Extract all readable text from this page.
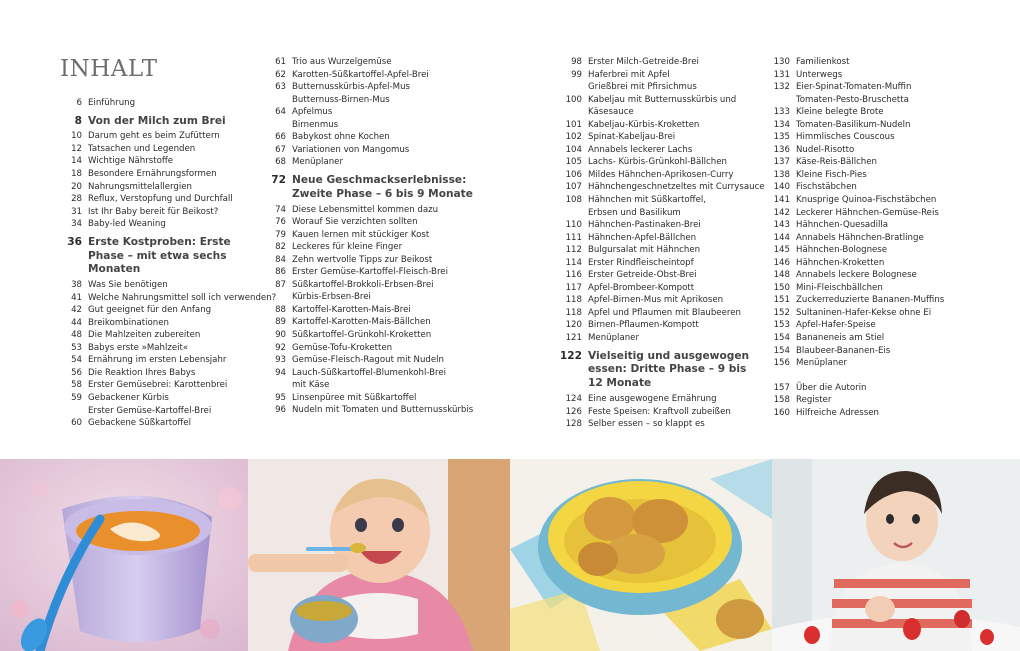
INHALT
6 Einführung
8 Von der Milch zum Brei
10 Darum geht es beim Zufüttern
12 Tatsachen und Legenden
14 Wichtige Nährstoffe
18 Besondere Ernährungsformen
20 Nahrungsmittelallergien
28 Reflux, Verstopfung und Durchfall
31 Ist Ihr Baby bereit für Beikost?
34 Baby-led Weaning
36 Erste Kostproben: Erste Phase – mit etwa sechs Monaten
38 Was Sie benötigen
41 Welche Nahrungsmittel soll ich verwenden?
42 Gut geeignet für den Anfang
44 Breikombinationen
48 Die Mahlzeiten zubereiten
53 Babys erste »Mahlzeit«
54 Ernährung im ersten Lebensjahr
56 Die Reaktion Ihres Babys
58 Erster Gemüsebrei: Karottenbrei
59 Gebackener Kürbis
Erster Gemüse-Kartoffel-Brei
60 Gebackene Süßkartoffel
61 Trio aus Wurzelgemüse
62 Karotten-Süßkartoffel-Apfel-Brei
63 Butternusskürbis-Apfel-Mus
Butternuss-Birnen-Mus
64 Apfelmus
Birnenmus
66 Babykost ohne Kochen
67 Variationen von Mangomus
68 Menüplaner
72 Neue Geschmackserlebnisse: Zweite Phase – 6 bis 9 Monate
74 Diese Lebensmittel kommen dazu
76 Worauf Sie verzichten sollten
79 Kauen lernen mit stückiger Kost
82 Leckeres für kleine Finger
84 Zehn wertvolle Tipps zur Beikost
86 Erster Gemüse-Kartoffel-Fleisch-Brei
87 Süßkartoffel-Brokkoli-Erbsen-Brei
Kürbis-Erbsen-Brei
88 Kartoffel-Karotten-Mais-Brei
89 Kartoffel-Karotten-Mais-Bällchen
90 Süßkartoffel-Grünkohl-Kroketten
92 Gemüse-Tofu-Kroketten
93 Gemüse-Fleisch-Ragout mit Nudeln
94 Lauch-Süßkartoffel-Blumenkohl-Brei
mit Käse
95 Linsenpüree mit Süßkartoffel
96 Nudeln mit Tomaten und Butternusskürbis
98 Erster Milch-Getreide-Brei
99 Haferbrei mit Apfel
Grießbrei mit Pfirsichmus
100 Kabeljau mit Butternusskürbis und
Käsesauce
101 Kabeljau-Kürbis-Kroketten
102 Spinat-Kabeljau-Brei
104 Annabels leckerer Lachs
105 Lachs- Kürbis-Grünkohl-Bällchen
106 Mildes Hähnchen-Aprikosen-Curry
107 Hähnchengeschnetzeltes mit Currysauce
108 Hähnchen mit Süßkartoffel,
Erbsen und Basilikum
110 Hähnchen-Pastinaken-Brei
111 Hähnchen-Apfel-Bällchen
112 Bulgursalat mit Hähnchen
114 Erster Rindfleischeintopf
116 Erster Getreide-Obst-Brei
117 Apfel-Brombeer-Kompott
118 Apfel-Birnen-Mus mit Aprikosen
118 Apfel und Pflaumen mit Blaubeeren
120 Birnen-Pflaumen-Kompott
121 Menüplaner
122 Vielseitig und ausgewogen essen: Dritte Phase – 9 bis 12 Monate
124 Eine ausgewogene Ernährung
126 Feste Speisen: Kraftvoll zubeißen
128 Selber essen – so klappt es
130 Familienkost
131 Unterwegs
132 Eier-Spinat-Tomaten-Muffin
Tomaten-Pesto-Bruschetta
133 Kleine belegte Brote
134 Tomaten-Basilikum-Nudeln
135 Himmlisches Couscous
136 Nudel-Risotto
137 Käse-Reis-Bällchen
138 Kleine Fisch-Pies
140 Fischstäbchen
141 Knusprige Quinoa-Fischstäbchen
142 Leckerer Hähnchen-Gemüse-Reis
143 Hähnchen-Quesadilla
144 Annabels Hähnchen-Bratlinge
145 Hähnchen-Bolognese
146 Hähnchen-Kroketten
148 Annabels leckere Bolognese
150 Mini-Fleischbällchen
151 Zuckerreduzierte Bananen-Muffins
152 Sultaninen-Hafer-Kekse ohne Ei
153 Apfel-Hafer-Speise
154 Bananeneis am Stiel
154 Blaubeer-Bananen-Eis
156 Menüplaner
157 Über die Autorin
158 Register
160 Hilfreiche Adressen
